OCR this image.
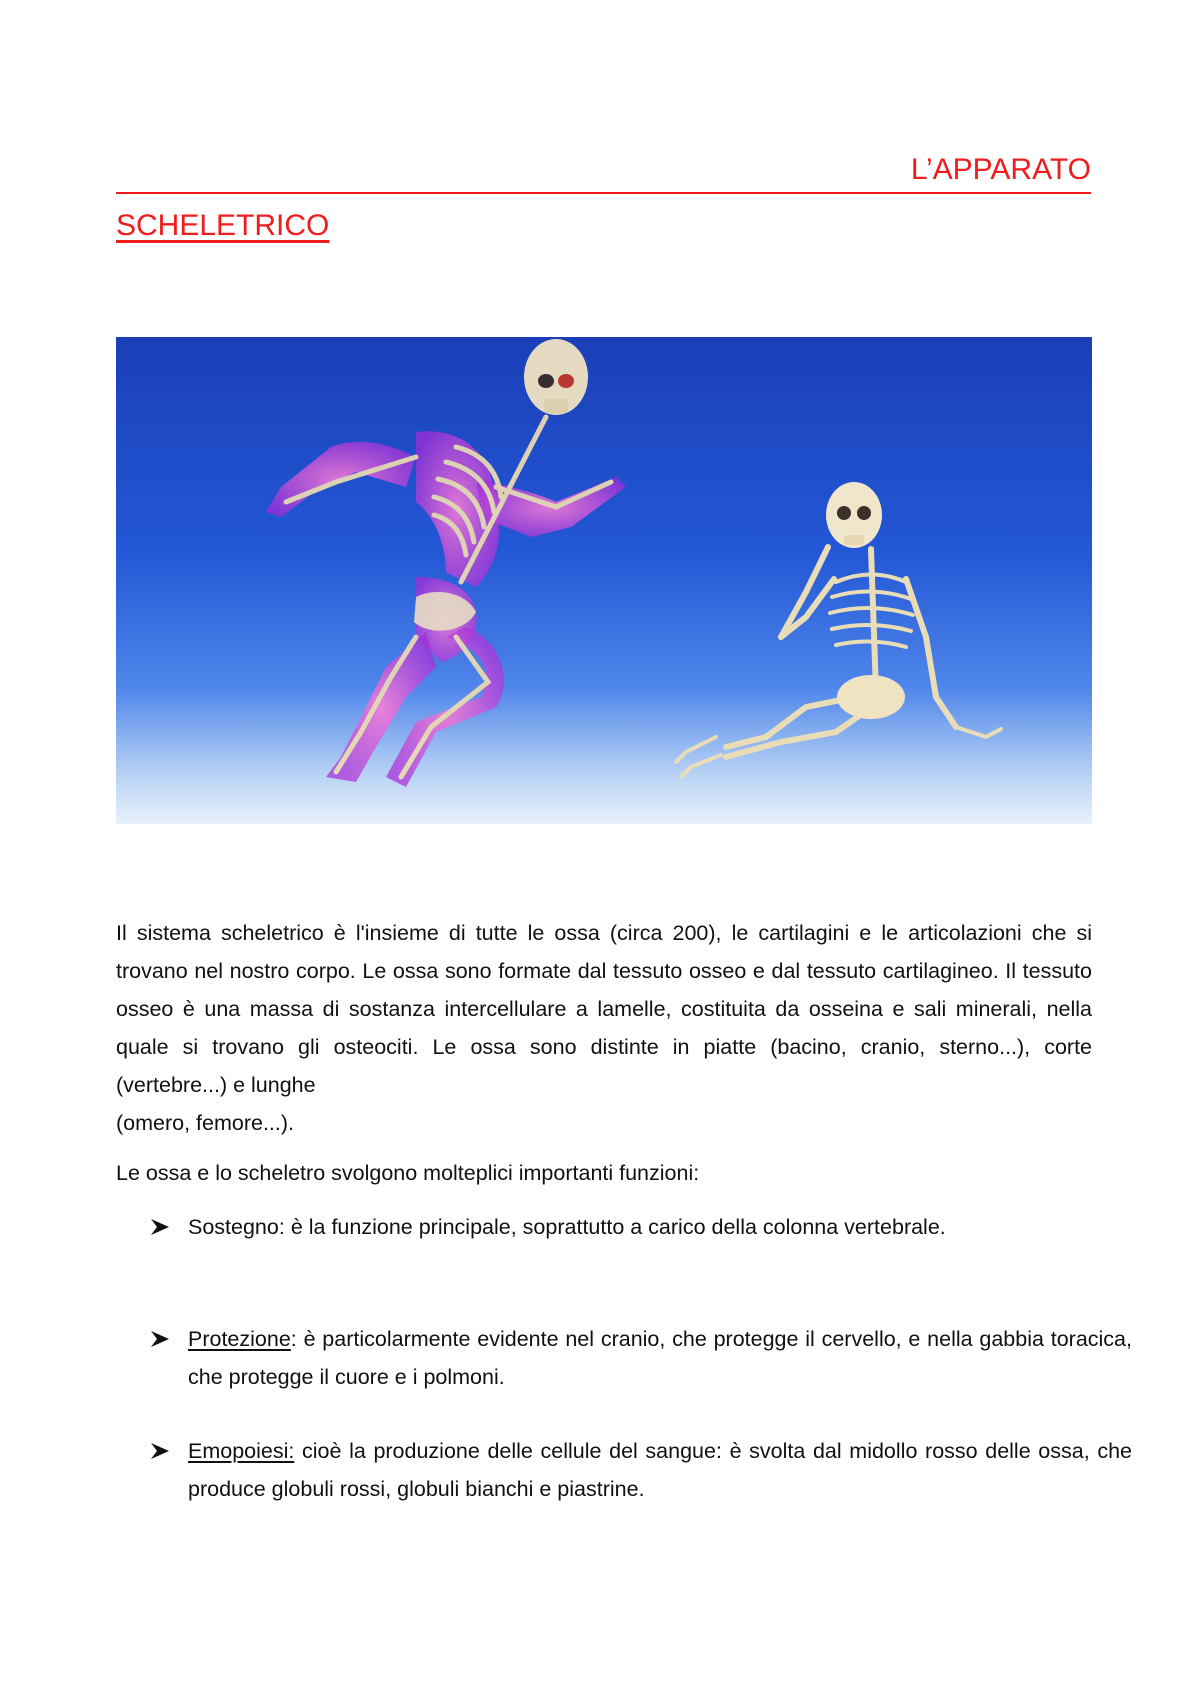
L’APPARATO
SCHELETRICO
Il sistema scheletrico è l'insieme di tutte le ossa (circa 200), le cartilagini e le articolazioni che si trovano nel nostro corpo. Le ossa sono formate dal tessuto osseo e dal tessuto cartilagineo. Il tessuto osseo è una massa di sostanza intercellulare a lamelle, costituita da osseina e sali minerali, nella quale si trovano gli osteociti. Le ossa sono distinte in piatte (bacino, cranio, sterno...), corte (vertebre...) e lunghe
(omero, femore...).
Le ossa e lo scheletro svolgono molteplici importanti funzioni:
Sostegno: è la funzione principale, soprattutto a carico della colonna vertebrale.
Protezione: è particolarmente evidente nel cranio, che protegge il cervello, e nella gabbia toracica, che protegge il cuore e i polmoni.
Emopoiesi: cioè la produzione delle cellule del sangue: è svolta dal midollo rosso delle ossa, che produce globuli rossi, globuli bianchi e piastrine.
